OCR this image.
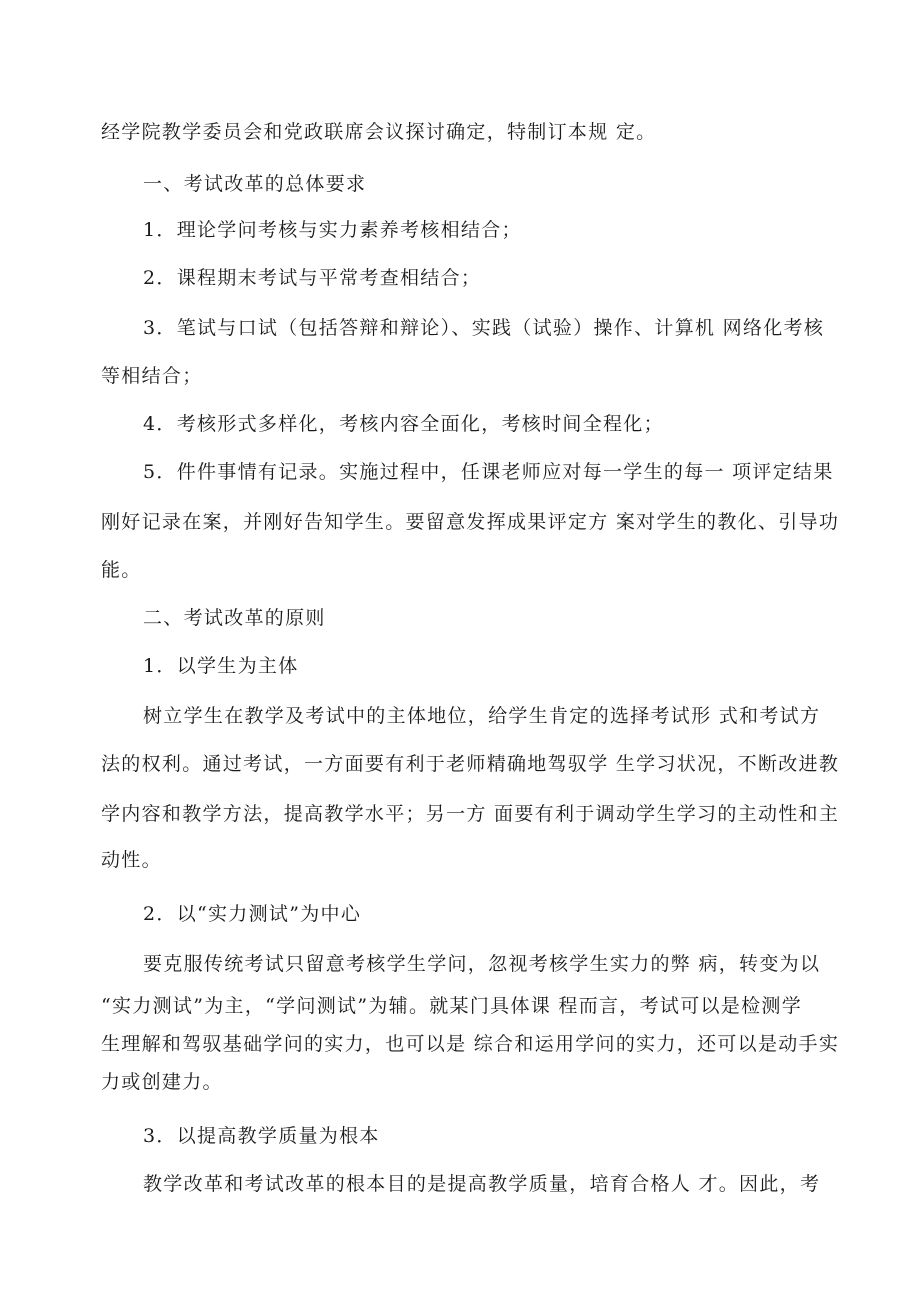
经学院教学委员会和党政联席会议探讨确定，特制订本规 定。
一、考试改革的总体要求
1．理论学问考核与实力素养考核相结合；
2．课程期末考试与平常考查相结合；
3．笔试与口试（包括答辩和辩论）、实践（试验）操作、计算机 网络化考核
等相结合；
4．考核形式多样化，考核内容全面化，考核时间全程化；
5．件件事情有记录。实施过程中，任课老师应对每一学生的每一 项评定结果
刚好记录在案，并刚好告知学生。要留意发挥成果评定方 案对学生的教化、引导功
能。
二、考试改革的原则
1．以学生为主体
树立学生在教学及考试中的主体地位，给学生肯定的选择考试形 式和考试方
法的权利。通过考试，一方面要有利于老师精确地驾驭学 生学习状况，不断改进教
学内容和教学方法，提高教学水平；另一方 面要有利于调动学生学习的主动性和主
动性。
2．以“实力测试”为中心
要克服传统考试只留意考核学生学问，忽视考核学生实力的弊 病，转变为以
“实力测试”为主，“学问测试”为辅。就某门具体课 程而言，考试可以是检测学
生理解和驾驭基础学问的实力，也可以是 综合和运用学问的实力，还可以是动手实
力或创建力。
3．以提高教学质量为根本
教学改革和考试改革的根本目的是提高教学质量，培育合格人 才。因此，考
